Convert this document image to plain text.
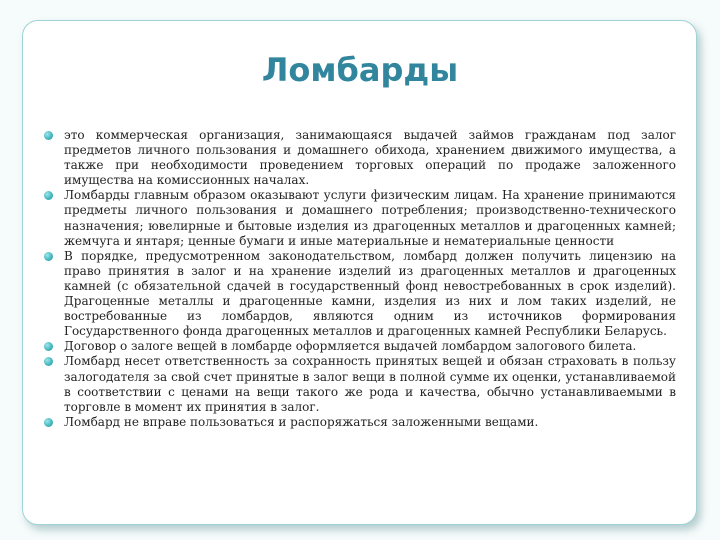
Ломбарды
это коммерческая организация, занимающаяся выдачей займов гражданам под залог предметов личного пользования и домашнего обихода, хранением движимого имущества, а также при необходимости проведением торговых операций по продаже заложенного имущества на комиссионных началах.
Ломбарды главным образом оказывают услуги физическим лицам. На хранение принимаются предметы личного пользования и домашнего потребления; производственно-технического назначения; ювелирные и бытовые изделия из драгоценных металлов и драгоценных камней; жемчуга и янтаря; ценные бумаги и иные материальные и нематериальные ценности
В порядке, предусмотренном законодательством, ломбард должен получить лицензию на право принятия в залог и на хранение изделий из драгоценных металлов и драгоценных камней (с обязательной сдачей в государственный фонд невостребованных в срок изделий). Драгоценные металлы и драгоценные камни, изделия из них и лом таких изделий, не востребованные из ломбардов, являются одним из источников формирования Государственного фонда драгоценных металлов и драгоценных камней Республики Беларусь.
Договор о залоге вещей в ломбарде оформляется выдачей ломбардом залогового билета.
Ломбард несет ответственность за сохранность принятых вещей и обязан страховать в пользу залогодателя за свой счет принятые в залог вещи в полной сумме их оценки, устанавливаемой в соответствии с ценами на вещи такого же рода и качества, обычно устанавливаемыми в торговле в момент их принятия в залог.
Ломбард не вправе пользоваться и распоряжаться заложенными вещами.
